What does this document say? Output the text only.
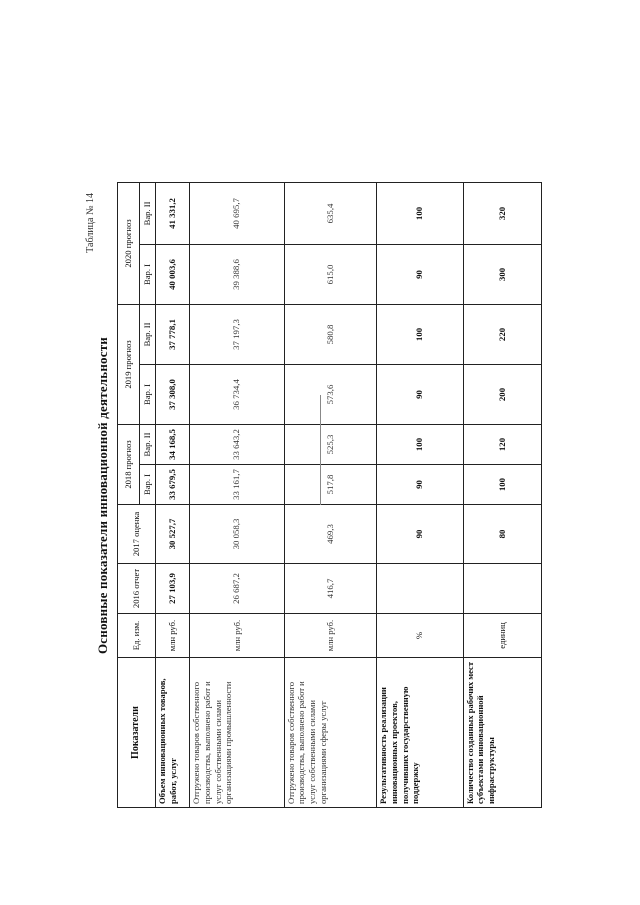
Таблица № 14
Основные показатели инновационной деятельности
Показатели	Ед. изм.	2016 отчет	2017 оценка	2018 прогноз		2019 прогноз		2020 прогноз	
				Вар. I	Вар. II	Вар. I	Вар. II	Вар. I	Вар. II
Объем инновационных товаров, работ, услуг	млн руб.	27 103,9	30 527,7	33 679,5	34 168,5	37 308,0	37 778,1	40 003,6	41 331,2
Отгружено товаров собственного производства, выполнено работ и услуг собственными силами организациями промышленности	млн руб.	26 687,2	30 058,3	33 161,7	33 643,2	36 734,4	37 197,3	39 388,6	40 695,7
Отгружено товаров собственного производства, выполнено работ и услуг собственными силами организациями сферы услуг	млн руб.	416,7	469,3	517,8	525,3	573,6	580,8	615,0	635,4
Результативность реализации инновационных проектов, получивших государственную поддержку	%		90	90	100	90	100	90	100
Количество созданных рабочих мест субъектами инновационной инфраструктуры	единиц		80	100	120	200	220	300	320
